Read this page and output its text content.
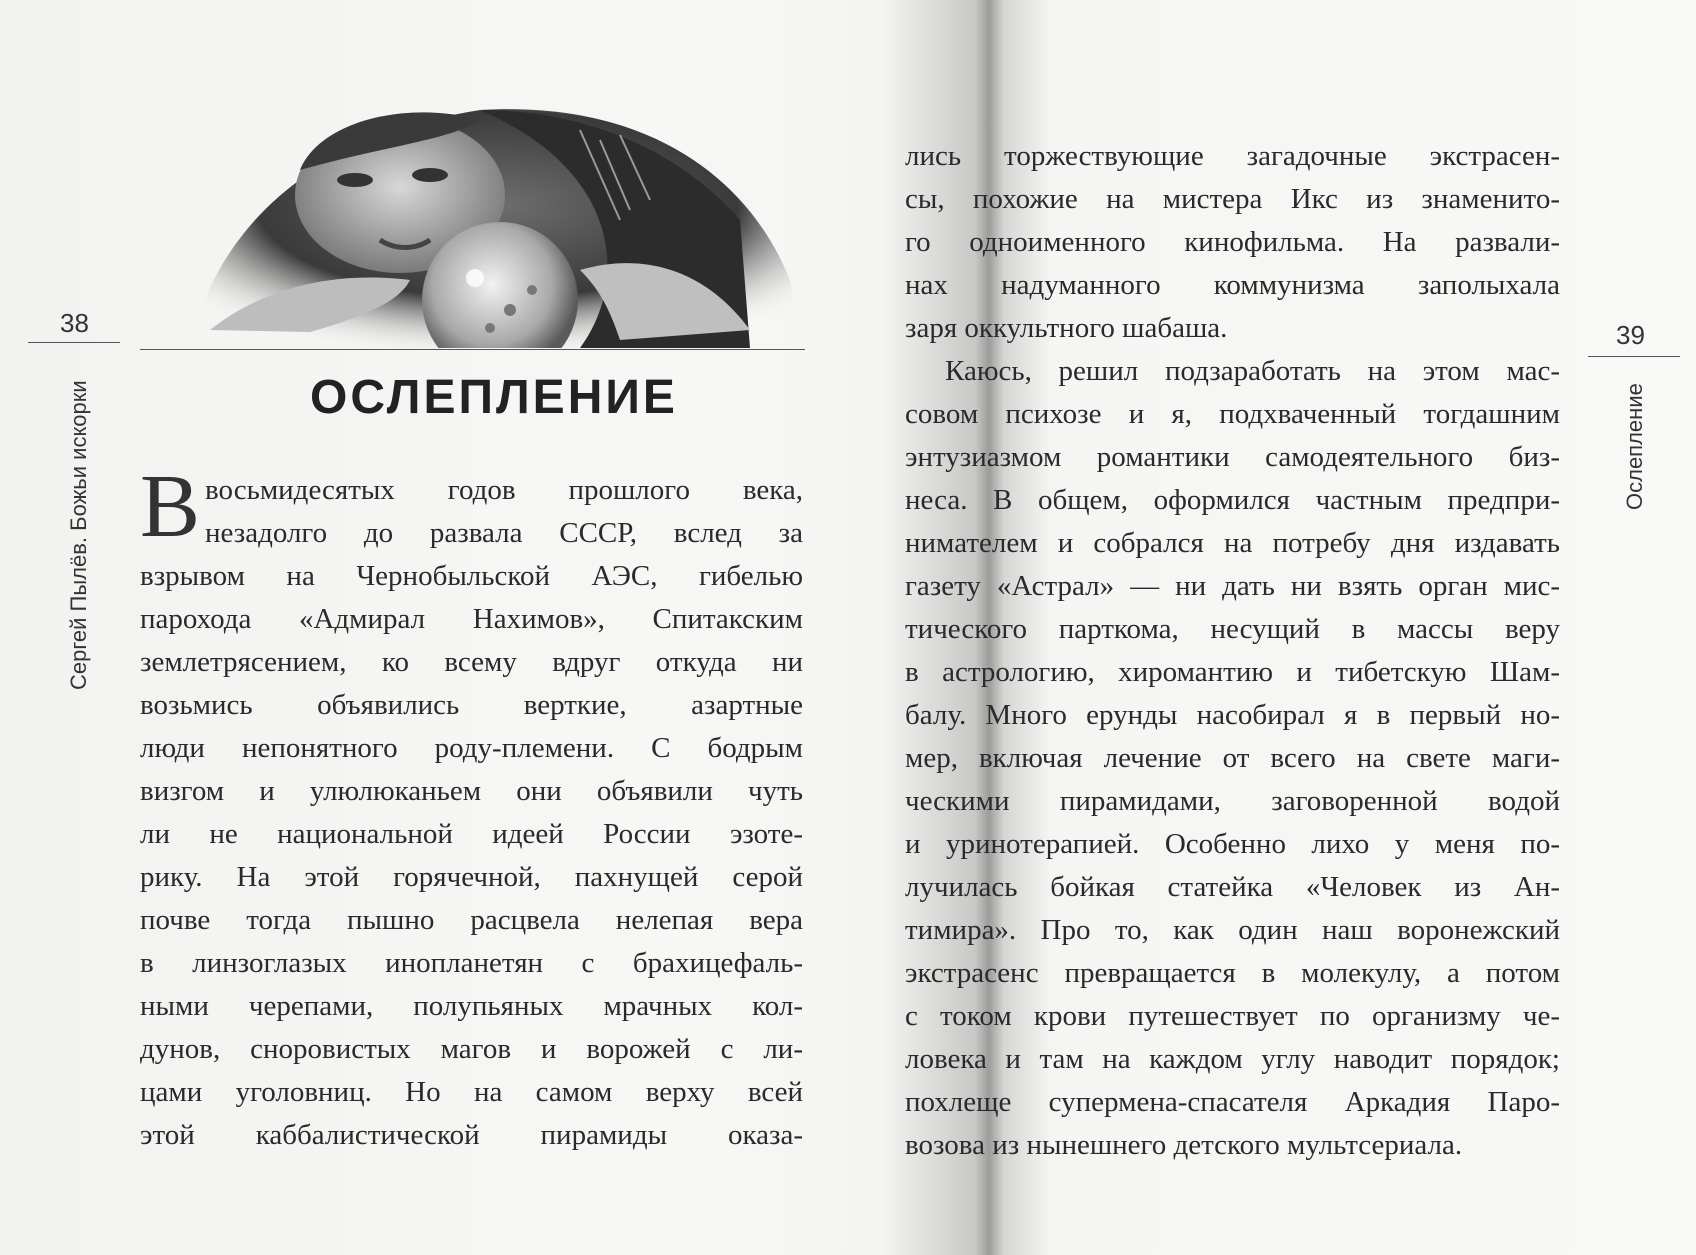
38
Сергей Пылёв. Божьи искорки	ОСЛЕПЛЕНИЕ
В восьмидесятых годов прошлого века,
незадолго до развала СССР, вслед за
взрывом на Чернобыльской АЭС, гибелью
парохода «Адмирал Нахимов», Спитакским
землетрясением, ко всему вдруг откуда ни
возьмись объявились верткие, азартные
люди непонятного роду-племени. С бодрым
визгом и улюлюканьем они объявили чуть
ли не национальной идеей России эзоте-
рику. На этой горячечной, пахнущей серой
почве тогда пышно расцвела нелепая вера
в линзоглазых инопланетян с брахицефаль-
ными черепами, полупьяных мрачных кол-
дунов, сноровистых магов и ворожей с ли-
цами уголовниц. Но на самом верху всей
этой каббалистической пирамиды оказа-
39
Ослепление
лись торжествующие загадочные экстрасен-
сы, похожие на мистера Икс из знаменито-
го одноименного кинофильма. На развали-
нах надуманного коммунизма заполыхала
заря оккультного шабаша.
Каюсь, решил подзаработать на этом мас-
совом психозе и я, подхваченный тогдашним
энтузиазмом романтики самодеятельного биз-
неса. В общем, оформился частным предпри-
нимателем и собрался на потребу дня издавать
газету «Астрал» — ни дать ни взять орган мис-
тического парткома, несущий в массы веру
в астрологию, хиромантию и тибетскую Шам-
балу. Много ерунды насобирал я в первый но-
мер, включая лечение от всего на свете маги-
ческими пирамидами, заговоренной водой
и уринотерапией. Особенно лихо у меня по-
лучилась бойкая статейка «Человек из Ан-
тимира». Про то, как один наш воронежский
экстрасенс превращается в молекулу, а потом
с током крови путешествует по организму че-
ловека и там на каждом углу наводит порядок;
похлеще супермена-спасателя Аркадия Паро-
возова из нынешнего детского мультсериала.
